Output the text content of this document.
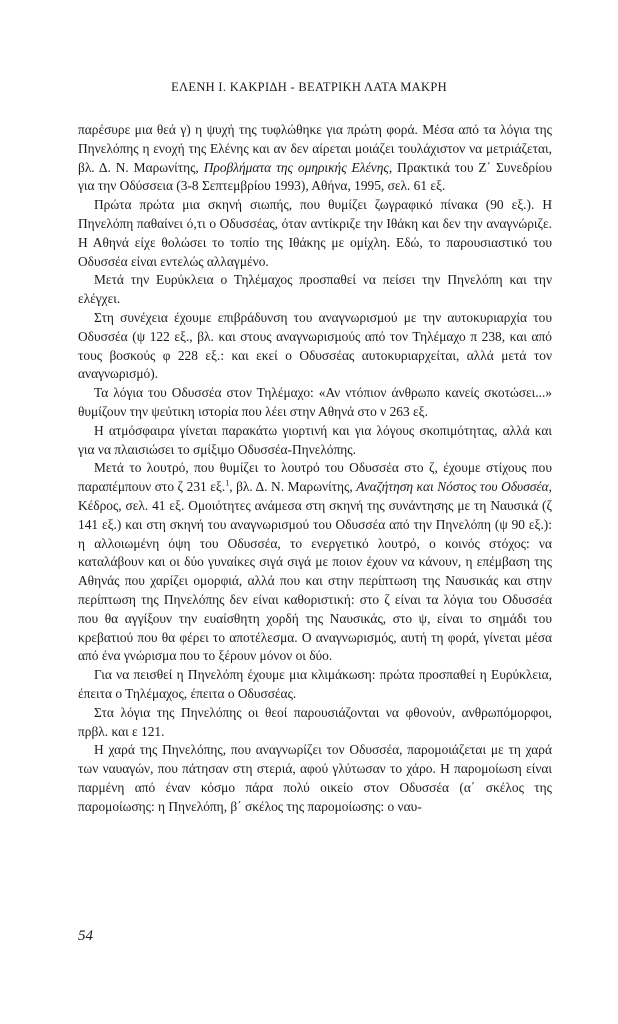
ΕΛΕΝΗ Ι. ΚΑΚΡΙΔΗ - ΒΕΑΤΡΙΚΗ ΛΑΤΑ ΜΑΚΡΗ

παρέσυρε μια θεά γ) η ψυχή της τυφλώθηκε για πρώτη φορά. Μέσα από τα λόγια της Πηνελόπης η ενοχή της Ελένης και αν δεν αίρεται μοιάζει τουλάχιστον να μετριάζεται, βλ. Δ. Ν. Μαρωνίτης, Προβλήματα της ομηρικής Ελένης, Πρακτικά του Ζ΄ Συνεδρίου για την Οδύσσεια (3-8 Σεπτεμβρίου 1993), Αθήνα, 1995, σελ. 61 εξ.

Πρώτα πρώτα μια σκηνή σιωπής, που θυμίζει ζωγραφικό πίνακα (90 εξ.). Η Πηνελόπη παθαίνει ό,τι ο Οδυσσέας, όταν αντίκριζε την Ιθάκη και δεν την αναγνώριζε. Η Αθηνά είχε θολώσει το τοπίο της Ιθάκης με ομίχλη. Εδώ, το παρουσιαστικό του Οδυσσέα είναι εντελώς αλλαγμένο.

Μετά την Ευρύκλεια ο Τηλέμαχος προσπαθεί να πείσει την Πηνελόπη και την ελέγχει.

Στη συνέχεια έχουμε επιβράδυνση του αναγνωρισμού με την αυτοκυριαρχία του Οδυσσέα (ψ 122 εξ., βλ. και στους αναγνωρισμούς από τον Τηλέμαχο π 238, και από τους βοσκούς φ 228 εξ.: και εκεί ο Οδυσσέας αυτοκυριαρχείται, αλλά μετά τον αναγνωρισμό).

Τα λόγια του Οδυσσέα στον Τηλέμαχο: «Αν ντόπιον άνθρωπο κανείς σκοτώσει...» θυμίζουν την ψεύτικη ιστορία που λέει στην Αθηνά στο ν 263 εξ.

Η ατμόσφαιρα γίνεται παρακάτω γιορτινή και για λόγους σκοπιμότητας, αλλά και για να πλαισιώσει το σμίξιμο Οδυσσέα-Πηνελόπης.

Μετά το λουτρό, που θυμίζει το λουτρό του Οδυσσέα στο ζ, έχουμε στίχους που παραπέμπουν στο ζ 231 εξ.$^1$, βλ. Δ. Ν. Μαρωνίτης, Αναζήτηση και Νόστος του Οδυσσέα, Κέδρος, σελ. 41 εξ. Ομοιότητες ανάμεσα στη σκηνή της συνάντησης με τη Ναυσικά (ζ 141 εξ.) και στη σκηνή του αναγνωρισμού του Οδυσσέα από την Πηνελόπη (ψ 90 εξ.): η αλλοιωμένη όψη του Οδυσσέα, το ενεργετικό λουτρό, ο κοινός στόχος: να καταλάβουν και οι δύο γυναίκες σιγά σιγά με ποιον έχουν να κάνουν, η επέμβαση της Αθηνάς που χαρίζει ομορφιά, αλλά που και στην περίπτωση της Ναυσικάς και στην περίπτωση της Πηνελόπης δεν είναι καθοριστική: στο ζ είναι τα λόγια του Οδυσσέα που θα αγγίξουν την ευαίσθητη χορδή της Ναυσικάς, στο ψ, είναι το σημάδι του κρεβατιού που θα φέρει το αποτέλεσμα. Ο αναγνωρισμός, αυτή τη φορά, γίνεται μέσα από ένα γνώρισμα που το ξέρουν μόνον οι δύο.

Για να πεισθεί η Πηνελόπη έχουμε μια κλιμάκωση: πρώτα προσπαθεί η Ευρύκλεια, έπειτα ο Τηλέμαχος, έπειτα ο Οδυσσέας.

Στα λόγια της Πηνελόπης οι θεοί παρουσιάζονται να φθονούν, ανθρωπόμορφοι, πρβλ. και ε 121.

Η χαρά της Πηνελόπης, που αναγνωρίζει τον Οδυσσέα, παρομοιάζεται με τη χαρά των ναυαγών, που πάτησαν στη στεριά, αφού γλύτωσαν το χάρο. Η παρομοίωση είναι παρμένη από έναν κόσμο πάρα πολύ οικείο στον Οδυσσέα (α΄ σκέλος της παρομοίωσης: η Πηνελόπη, β΄ σκέλος της παρομοίωσης: ο ναυ-

54
